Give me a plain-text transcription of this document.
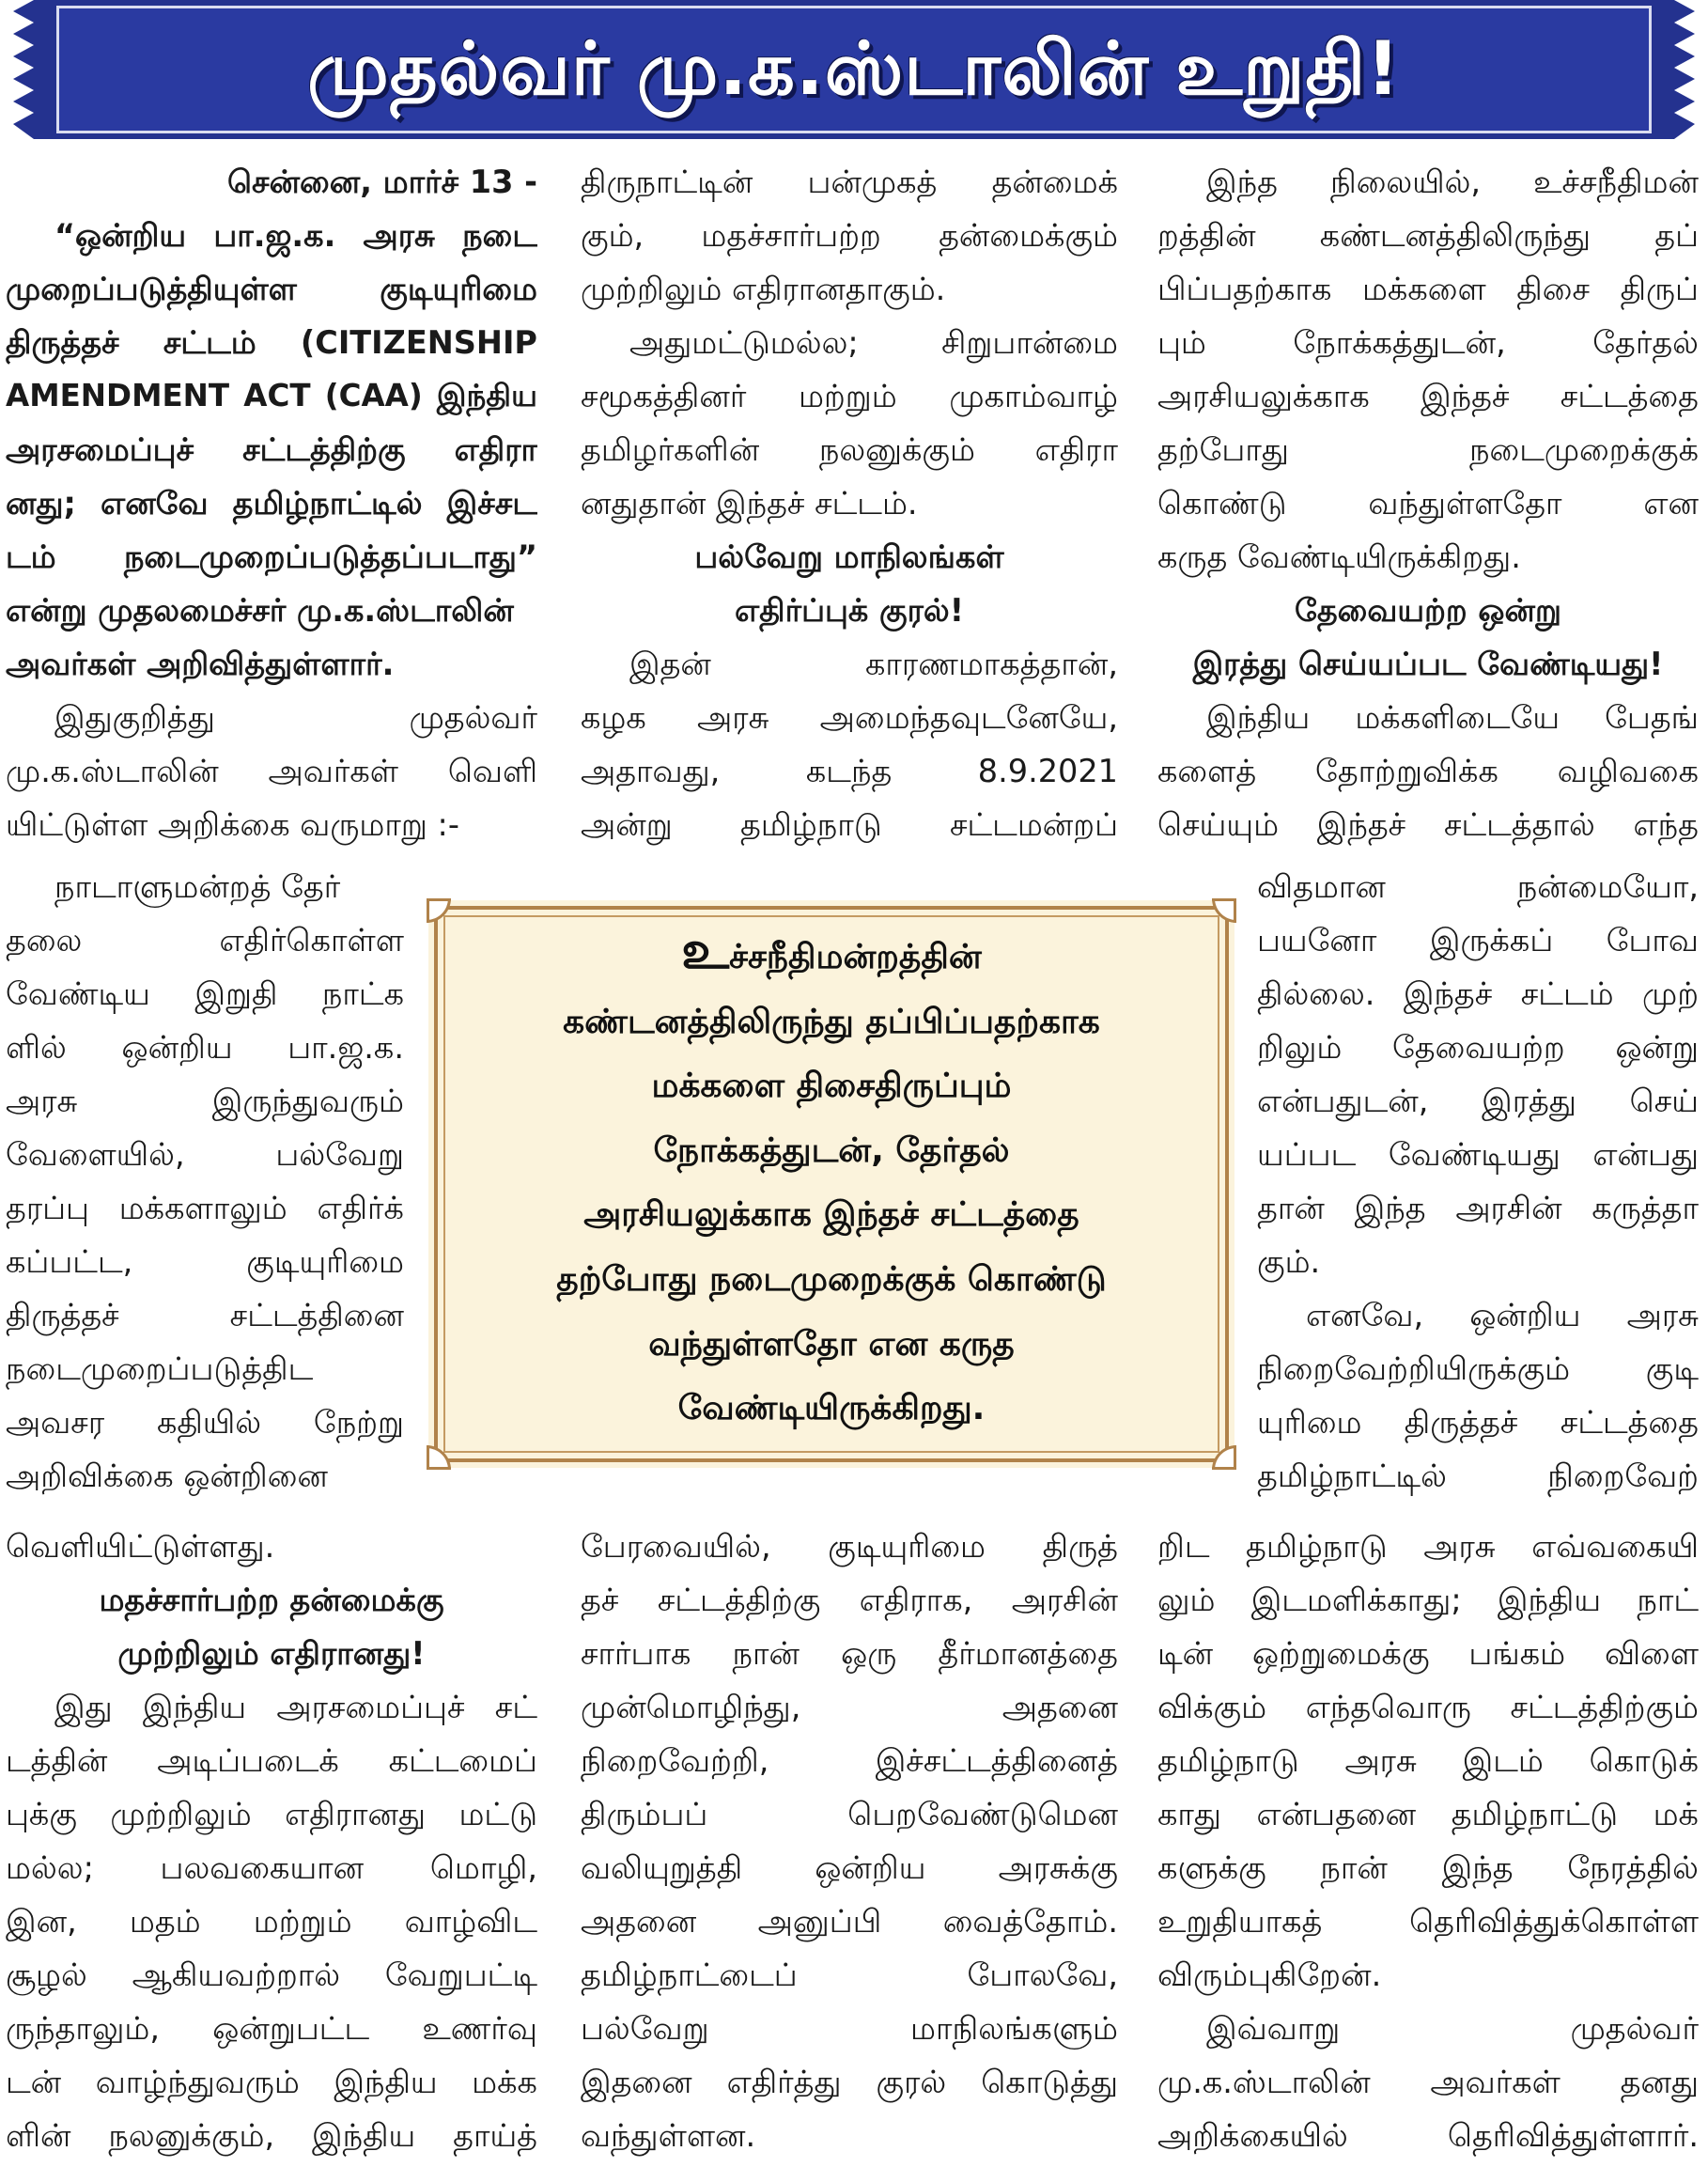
முதல்வர் மு.க.ஸ்டாலின் உறுதி!
சென்னை, மார்ச் 13 -
“ஒன்றிய பா.ஜ.க. அரசு நடை
முறைப்படுத்தியுள்ள குடியுரிமை
திருத்தச் சட்டம் (CITIZENSHIP
AMENDMENT ACT (CAA) இந்திய
அரசமைப்புச் சட்டத்திற்கு எதிரா
னது; எனவே தமிழ்நாட்டில் இச்சட
டம் நடைமுறைப்படுத்தப்படாது”
என்று முதலமைச்சர் மு.க.ஸ்டாலின்
அவர்கள் அறிவித்துள்ளார்.
இதுகுறித்து முதல்வர்
மு.க.ஸ்டாலின் அவர்கள் வெளி
யிட்டுள்ள அறிக்கை வருமாறு :-
நாடாளுமன்றத் தேர்
தலை எதிர்கொள்ள
வேண்டிய இறுதி நாட்க
ளில் ஒன்றிய பா.ஜ.க.
அரசு இருந்துவரும்
வேளையில், பல்வேறு
தரப்பு மக்களாலும் எதிர்க்
கப்பட்ட, குடியுரிமை
திருத்தச் சட்டத்தினை
நடைமுறைப்படுத்திட
அவசர கதியில் நேற்று
அறிவிக்கை ஒன்றினை
வெளியிட்டுள்ளது.
மதச்சார்பற்ற தன்மைக்கு
முற்றிலும் எதிரானது!
இது இந்திய அரசமைப்புச் சட்
டத்தின் அடிப்படைக் கட்டமைப்
புக்கு முற்றிலும் எதிரானது மட்டு
மல்ல; பலவகையான மொழி,
இன, மதம் மற்றும் வாழ்விட
சூழல் ஆகியவற்றால் வேறுபட்டி
ருந்தாலும், ஒன்றுபட்ட உணர்வு
டன் வாழ்ந்துவரும் இந்திய மக்க
ளின் நலனுக்கும், இந்திய தாய்த்
திருநாட்டின் பன்முகத் தன்மைக்
கும், மதச்சார்பற்ற தன்மைக்கும்
முற்றிலும் எதிரானதாகும்.
அதுமட்டுமல்ல; சிறுபான்மை
சமூகத்தினர் மற்றும் முகாம்வாழ்
தமிழர்களின் நலனுக்கும் எதிரா
னதுதான் இந்தச் சட்டம்.
பல்வேறு மாநிலங்கள்
எதிர்ப்புக் குரல்!
இதன் காரணமாகத்தான்,
கழக அரசு அமைந்தவுடனேயே,
அதாவது, கடந்த 8.9.2021
அன்று தமிழ்நாடு சட்டமன்றப்
பேரவையில், குடியுரிமை திருத்
தச் சட்டத்திற்கு எதிராக, அரசின்
சார்பாக நான் ஒரு தீர்மானத்தை
முன்மொழிந்து, அதனை
நிறைவேற்றி, இச்சட்டத்தினைத்
திரும்பப் பெறவேண்டுமென
வலியுறுத்தி ஒன்றிய அரசுக்கு
அதனை அனுப்பி வைத்தோம்.
தமிழ்நாட்டைப் போலவே,
பல்வேறு மாநிலங்களும்
இதனை எதிர்த்து குரல் கொடுத்து
வந்துள்ளன.
இந்த நிலையில், உச்சநீதிமன்
றத்தின் கண்டனத்திலிருந்து தப்
பிப்பதற்காக மக்களை திசை திருப்
பும் நோக்கத்துடன், தேர்தல்
அரசியலுக்காக இந்தச் சட்டத்தை
தற்போது நடைமுறைக்குக்
கொண்டு வந்துள்ளதோ என
கருத வேண்டியிருக்கிறது.
தேவையற்ற ஒன்று
இரத்து செய்யப்பட வேண்டியது!
இந்திய மக்களிடையே பேதங்
களைத் தோற்றுவிக்க வழிவகை
செய்யும் இந்தச் சட்டத்தால் எந்த
விதமான நன்மையோ,
பயனோ இருக்கப் போவ
தில்லை. இந்தச் சட்டம் முற்
றிலும் தேவையற்ற ஒன்று
என்பதுடன், இரத்து செய்
யப்பட வேண்டியது என்பது
தான் இந்த அரசின் கருத்தா
கும்.
எனவே, ஒன்றிய அரசு
நிறைவேற்றியிருக்கும் குடி
யுரிமை திருத்தச் சட்டத்தை
தமிழ்நாட்டில் நிறைவேற்
றிட தமிழ்நாடு அரசு எவ்வகையி
லும் இடமளிக்காது; இந்திய நாட்
டின் ஒற்றுமைக்கு பங்கம் விளை
விக்கும் எந்தவொரு சட்டத்திற்கும்
தமிழ்நாடு அரசு இடம் கொடுக்
காது என்பதனை தமிழ்நாட்டு மக்
களுக்கு நான் இந்த நேரத்தில்
உறுதியாகத் தெரிவித்துக்கொள்ள
விரும்புகிறேன்.
இவ்வாறு முதல்வர்
மு.க.ஸ்டாலின் அவர்கள் தனது
அறிக்கையில் தெரிவித்துள்ளார்.
உச்சநீதிமன்றத்தின்
கண்டனத்திலிருந்து தப்பிப்பதற்காக
மக்களை திசைதிருப்பும்
நோக்கத்துடன், தேர்தல்
அரசியலுக்காக இந்தச் சட்டத்தை
தற்போது நடைமுறைக்குக் கொண்டு
வந்துள்ளதோ என கருத
வேண்டியிருக்கிறது.
